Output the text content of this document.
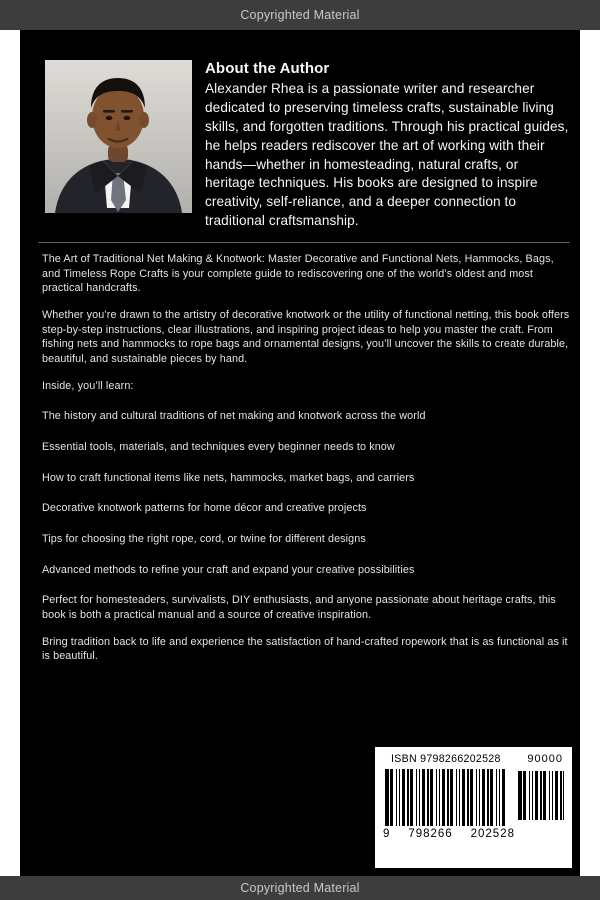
Copyrighted Material
About the Author

Alexander Rhea is a passionate writer and researcher dedicated to preserving timeless crafts, sustainable living skills, and forgotten traditions. Through his practical guides, he helps readers rediscover the art of working with their hands—whether in homesteading, natural crafts, or heritage techniques. His books are designed to inspire creativity, self-reliance, and a deeper connection to traditional craftsmanship.

The Art of Traditional Net Making & Knotwork: Master Decorative and Functional Nets, Hammocks, Bags, and Timeless Rope Crafts is your complete guide to rediscovering one of the world’s oldest and most practical handcrafts.

Whether you’re drawn to the artistry of decorative knotwork or the utility of functional netting, this book offers step-by-step instructions, clear illustrations, and inspiring project ideas to help you master the craft. From fishing nets and hammocks to rope bags and ornamental designs, you’ll uncover the skills to create durable, beautiful, and sustainable pieces by hand.

Inside, you’ll learn:

The history and cultural traditions of net making and knotwork across the world

Essential tools, materials, and techniques every beginner needs to know

How to craft functional items like nets, hammocks, market bags, and carriers

Decorative knotwork patterns for home décor and creative projects

Tips for choosing the right rope, cord, or twine for different designs

Advanced methods to refine your craft and expand your creative possibilities

Perfect for homesteaders, survivalists, DIY enthusiasts, and anyone passionate about heritage crafts, this book is both a practical manual and a source of creative inspiration.

Bring tradition back to life and experience the satisfaction of hand-crafted ropework that is as functional as it is beautiful.

ISBN 9798266202528 90000
9 798266 202528
Copyrighted Material
